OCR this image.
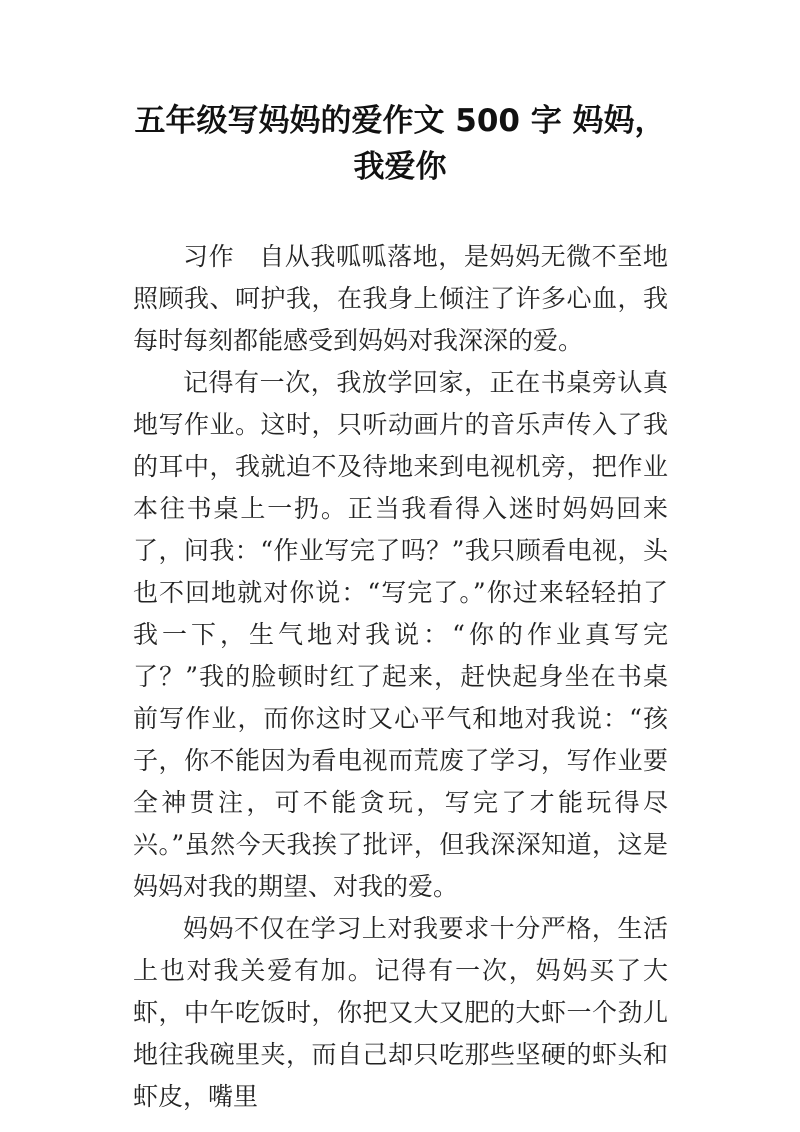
五年级写妈妈的爱作文 500 字 妈妈，
我爱你

习作 自从我呱呱落地，是妈妈无微不至地照顾我、呵护我，在我身上倾注了许多心血，我每时每刻都能感受到妈妈对我深深的爱。

记得有一次，我放学回家，正在书桌旁认真地写作业。这时，只听动画片的音乐声传入了我的耳中，我就迫不及待地来到电视机旁，把作业本往书桌上一扔。正当我看得入迷时妈妈回来了，问我：“作业写完了吗？”我只顾看电视，头也不回地就对你说：“写完了。”你过来轻轻拍了我一下，生气地对我说：“你的作业真写完了？”我的脸顿时红了起来，赶快起身坐在书桌前写作业，而你这时又心平气和地对我说：“孩子，你不能因为看电视而荒废了学习，写作业要全神贯注，可不能贪玩，写完了才能玩得尽兴。”虽然今天我挨了批评，但我深深知道，这是妈妈对我的期望、对我的爱。

妈妈不仅在学习上对我要求十分严格，生活上也对我关爱有加。记得有一次，妈妈买了大虾，中午吃饭时，你把又大又肥的大虾一个劲儿地往我碗里夹，而自己却只吃那些坚硬的虾头和虾皮，嘴里
